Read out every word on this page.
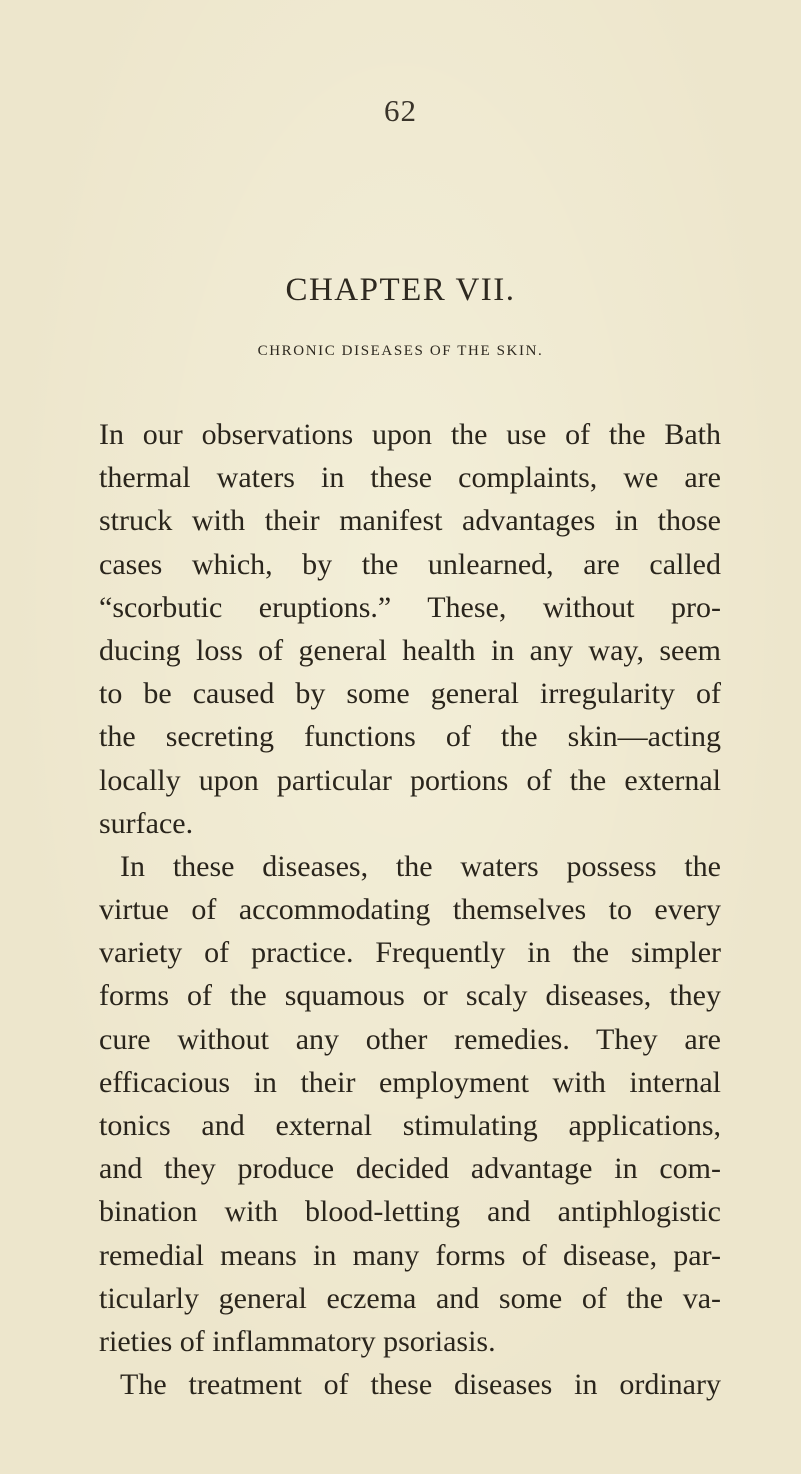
62
CHAPTER VII.
CHRONIC DISEASES OF THE SKIN.
In our observations upon the use of the Bath
thermal waters in these complaints, we are
struck with their manifest advantages in those
cases which, by the unlearned, are called
“scorbutic eruptions.” These, without pro-
ducing loss of general health in any way, seem
to be caused by some general irregularity of
the secreting functions of the skin—acting
locally upon particular portions of the external
surface.
In these diseases, the waters possess the
virtue of accommodating themselves to every
variety of practice. Frequently in the simpler
forms of the squamous or scaly diseases, they
cure without any other remedies. They are
efficacious in their employment with internal
tonics and external stimulating applications,
and they produce decided advantage in com-
bination with blood-letting and antiphlogistic
remedial means in many forms of disease, par-
ticularly general eczema and some of the va-
rieties of inflammatory psoriasis.
The treatment of these diseases in ordinary
